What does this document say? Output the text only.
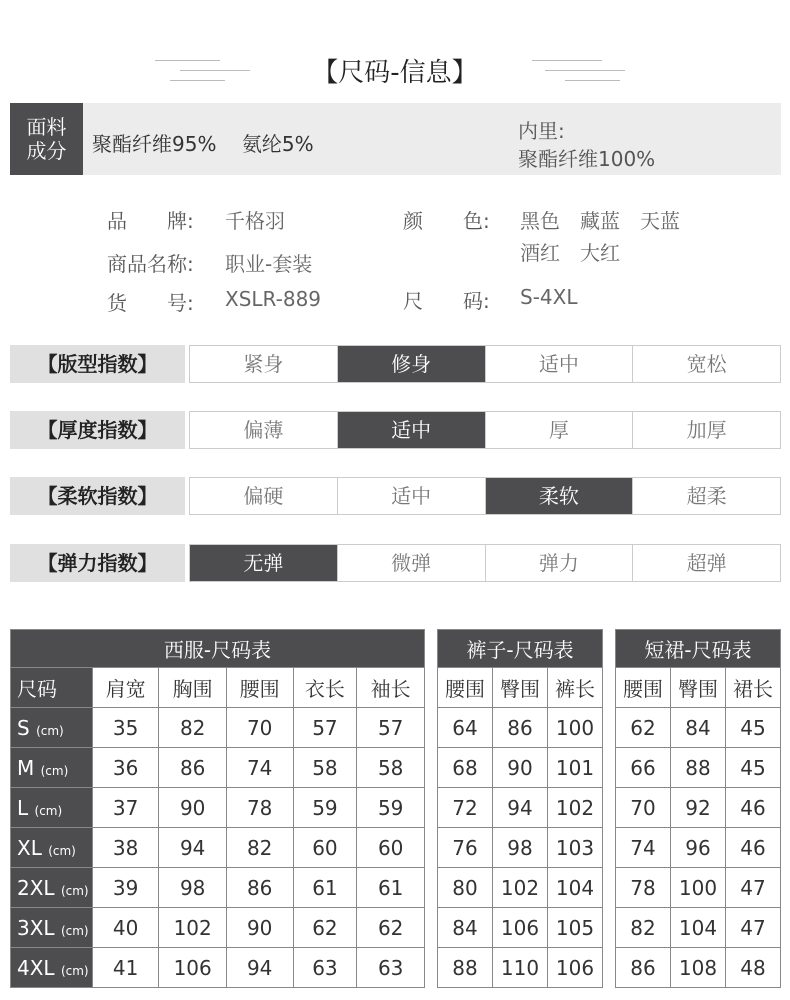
【尺码-信息】
面料
成分 聚酯纤维95%    氨纶5%
内里:
聚酯纤维100%
品　　牌: 千格羽
商品名称: 职业-套装
货　　号: XSLR-889
颜　　色: 黑色　藏蓝　天蓝
酒红　大红
尺　　码: S-4XL
【版型指数】	紧身	修身	适中	宽松
【厚度指数】	偏薄	适中	厚	加厚
【柔软指数】	偏硬	适中	柔软	超柔
【弹力指数】	无弹	微弹	弹力	超弹
西服-尺码表					
尺码	肩宽	胸围	腰围	衣长	袖长
S (cm)	35	82	70	57	57
M (cm)	36	86	74	58	58
L (cm)	37	90	78	59	59
XL (cm)	38	94	82	60	60
2XL (cm)	39	98	86	61	61
3XL (cm)	40	102	90	62	62
4XL (cm)	41	106	94	63	63
裤子-尺码表		
腰围	臀围	裤长
64	86	100
68	90	101
72	94	102
76	98	103
80	102	104
84	106	105
88	110	106
短裙-尺码表		
腰围	臀围	裙长
62	84	45
66	88	45
70	92	46
74	96	46
78	100	47
82	104	47
86	108	48
